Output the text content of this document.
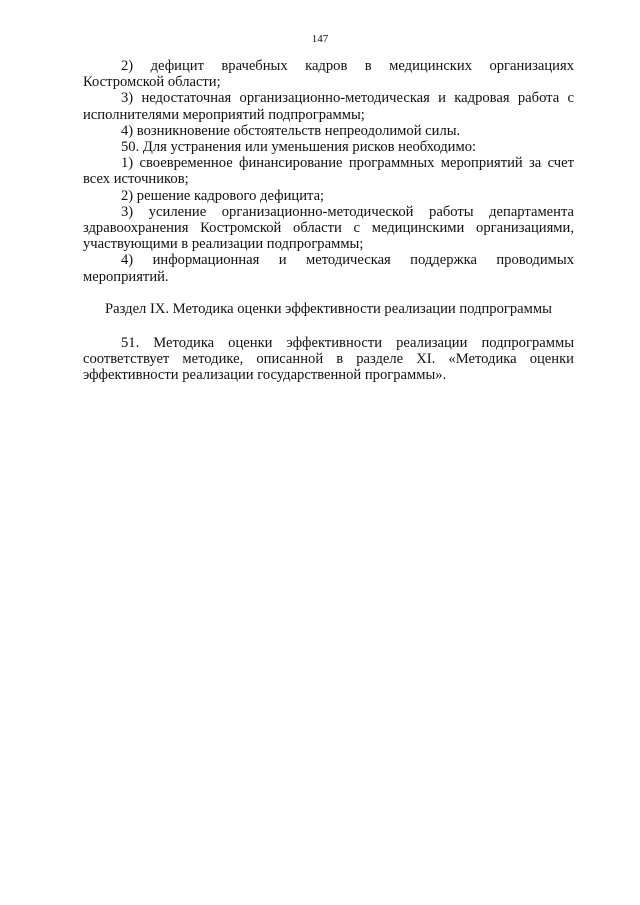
147

2) дефицит врачебных кадров в медицинских организациях Костромской области;

3) недостаточная организационно-методическая и кадровая работа с исполнителями мероприятий подпрограммы;

4) возникновение обстоятельств непреодолимой силы.

50. Для устранения или уменьшения рисков необходимо:

1) своевременное финансирование программных мероприятий за счет всех источников;

2) решение кадрового дефицита;

3) усиление организационно-методической работы департамента здравоохранения Костромской области с медицинскими организациями, участвующими в реализации подпрограммы;

4) информационная и методическая поддержка проводимых мероприятий.

Раздел IX. Методика оценки эффективности реализации подпрограммы

51. Методика оценки эффективности реализации подпрограммы соответствует методике, описанной в разделе XI. «Методика оценки эффективности реализации государственной программы».
